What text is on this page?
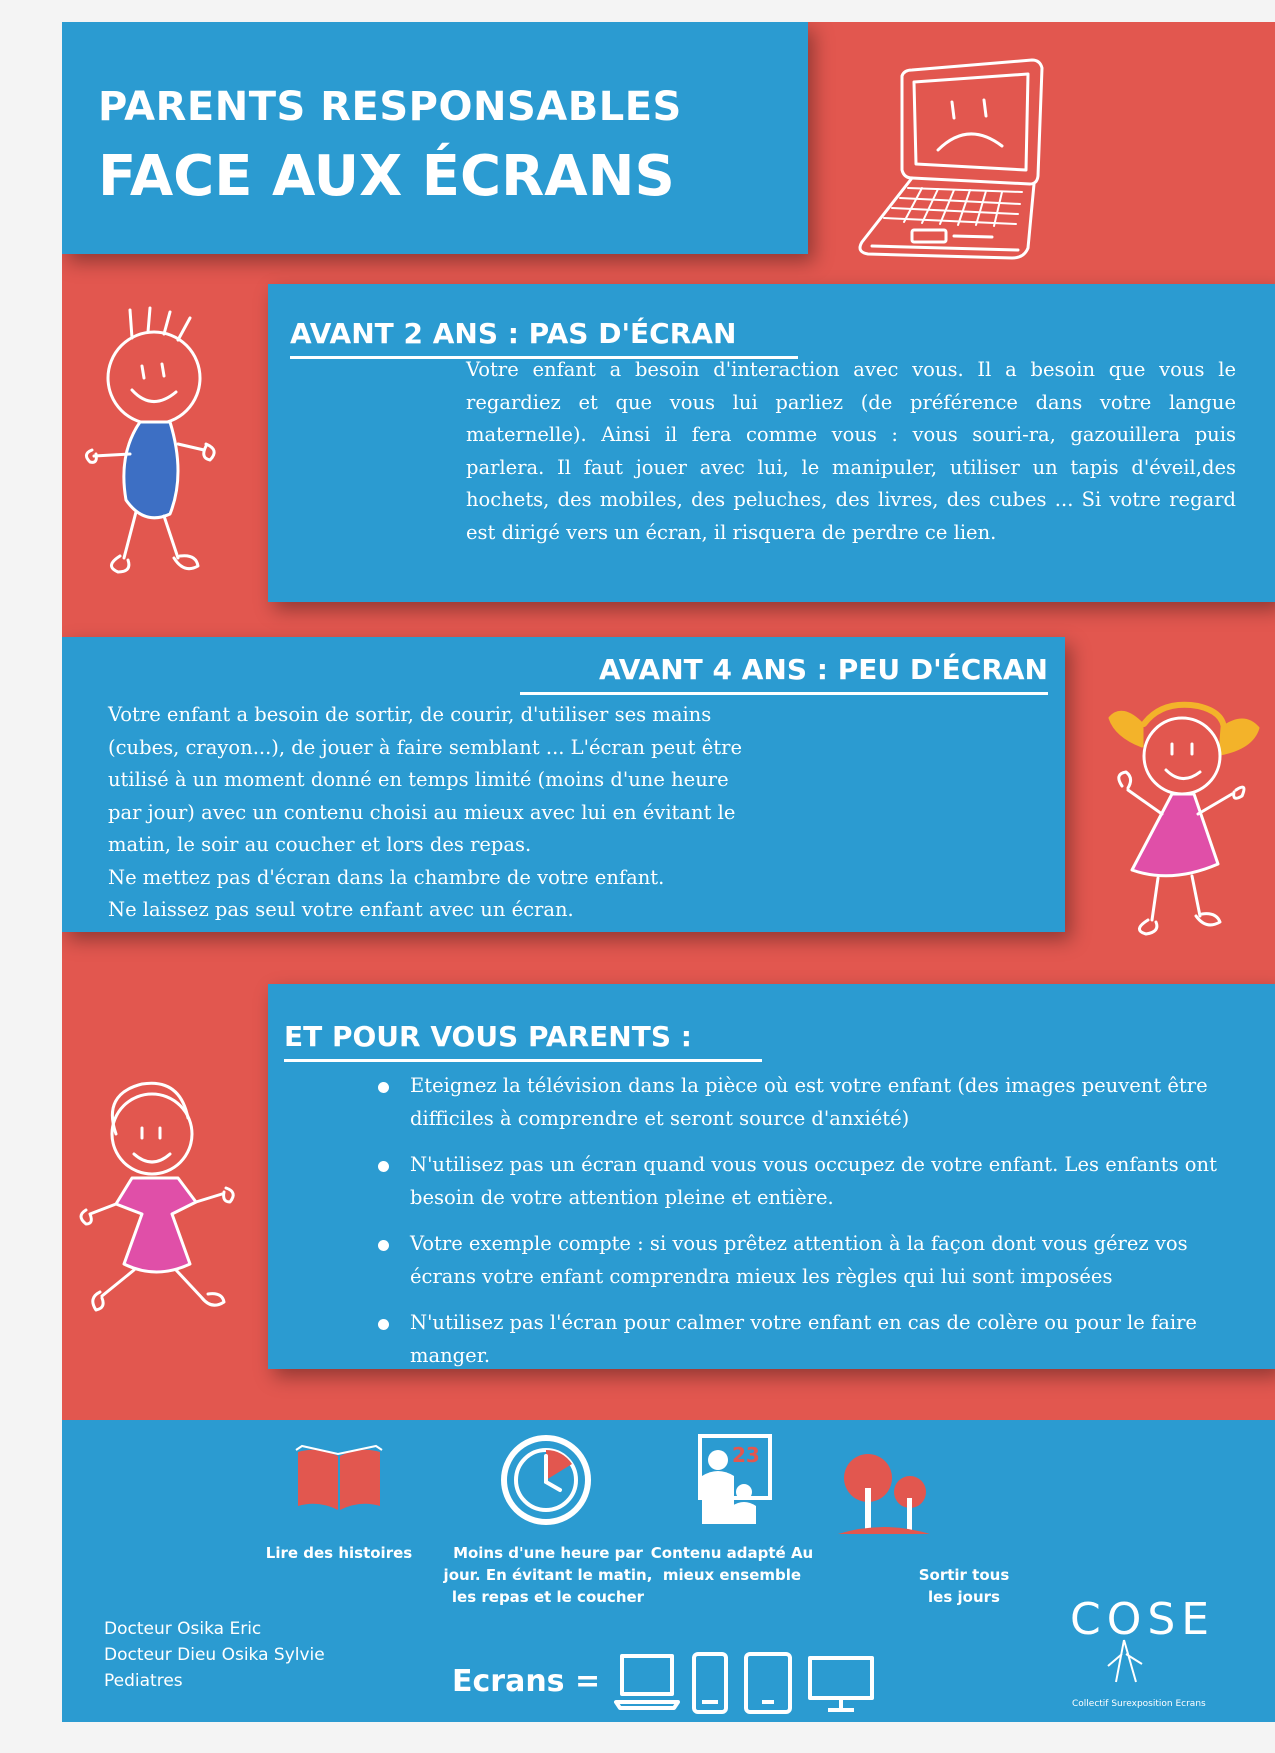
PARENTS RESPONSABLES
FACE AUX ÉCRANS
AVANT 2 ANS : PAS D'ÉCRAN

Votre enfant a besoin d'interaction avec vous. Il a besoin que vous le regardiez et que vous lui parliez (de préférence dans votre langue maternelle). Ainsi il fera comme vous : vous souri-ra, gazouillera puis parlera. Il faut jouer avec lui, le manipuler, utiliser un tapis d'éveil,des hochets, des mobiles, des peluches, des livres, des cubes ... Si votre regard est dirigé vers un écran, il risquera de perdre ce lien.

AVANT 4 ANS : PEU D'ÉCRAN
Votre enfant a besoin de sortir, de courir, d'utiliser ses mains
(cubes, crayon...), de jouer à faire semblant ... L'écran peut être
utilisé à un moment donné en temps limité (moins d'une heure
par jour) avec un contenu choisi au mieux avec lui en évitant le
matin, le soir au coucher et lors des repas.
Ne mettez pas d'écran dans la chambre de votre enfant.
Ne laissez pas seul votre enfant avec un écran.
ET POUR VOUS PARENTS :
Eteignez la télévision dans la pièce où est votre enfant (des images peuvent être difficiles à comprendre et seront source d'anxiété)
N'utilisez pas un écran quand vous vous occupez de votre enfant. Les enfants ont besoin de votre attention pleine et entière.
Votre exemple compte : si vous prêtez attention à la façon dont vous gérez vos écrans votre enfant comprendra mieux les règles qui lui sont imposées
N'utilisez pas l'écran pour calmer votre enfant en cas de colère ou pour le faire manger.

Lire des histoires	Moins d'une heure par jour. En évitant le matin, les repas et le coucher

23

Contenu adapté Au mieux ensemble	Sortir tous les jours

Docteur Osika Eric
Docteur Dieu Osika Sylvie
Pediatres	Ecrans =

COSE
Collectif Surexposition Ecrans
